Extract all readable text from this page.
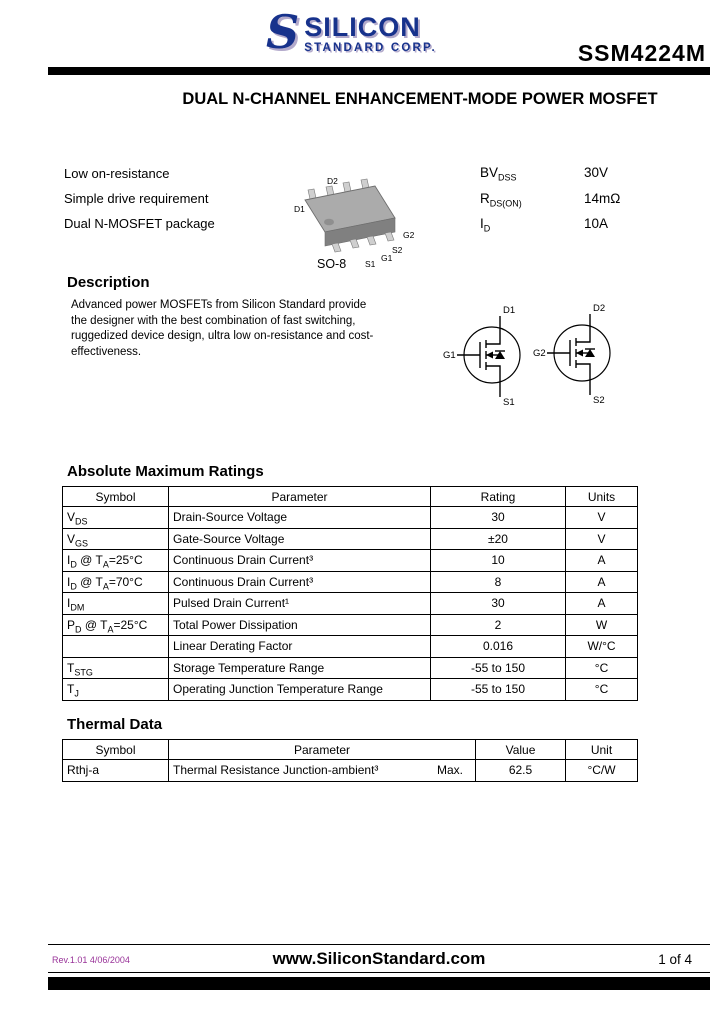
S SILICON
STANDARD CORP.	SSM4224M
DUAL N-CHANNEL ENHANCEMENT-MODE POWER MOSFET
Low on-resistance
Simple drive requirement
Dual N-MOSFET package
D2
D1
G2
S2
G1
S1
SO-8
$BV_{DSS}$	30V
$R_{DS(ON)}$	14mΩ
$I_D$	10A
Description
Advanced power MOSFETs from Silicon Standard provide the designer with the best combination of fast switching, ruggedized device design, ultra low on-resistance and cost-effectiveness.
D1
G1
S1
D2
G2
S2
Absolute Maximum Ratings
Symbol	Parameter	Rating	Units
$V_{DS}$	Drain-Source Voltage	30	V
$V_{GS}$	Gate-Source Voltage	±20	V
$I_D$ @ $T_A=25^\circ C$	Continuous Drain Current³	10	A
$I_D$ @ $T_A=70^\circ C$	Continuous Drain Current³	8	A
$I_{DM}$	Pulsed Drain Current¹	30	A
$P_D$ @ $T_A=25^\circ C$	Total Power Dissipation	2	W
	Linear Derating Factor	0.016	W/°C
$T_{STG}$	Storage Temperature Range	-55 to 150	°C
$T_J$	Operating Junction Temperature Range	-55 to 150	°C
Thermal Data
Symbol	Parameter	Value	Unit
Rthj-a	Thermal Resistance Junction-ambient³ Max.	62.5	°C/W
Rev.1.01 4/06/2004	www.SiliconStandard.com	1 of 4
